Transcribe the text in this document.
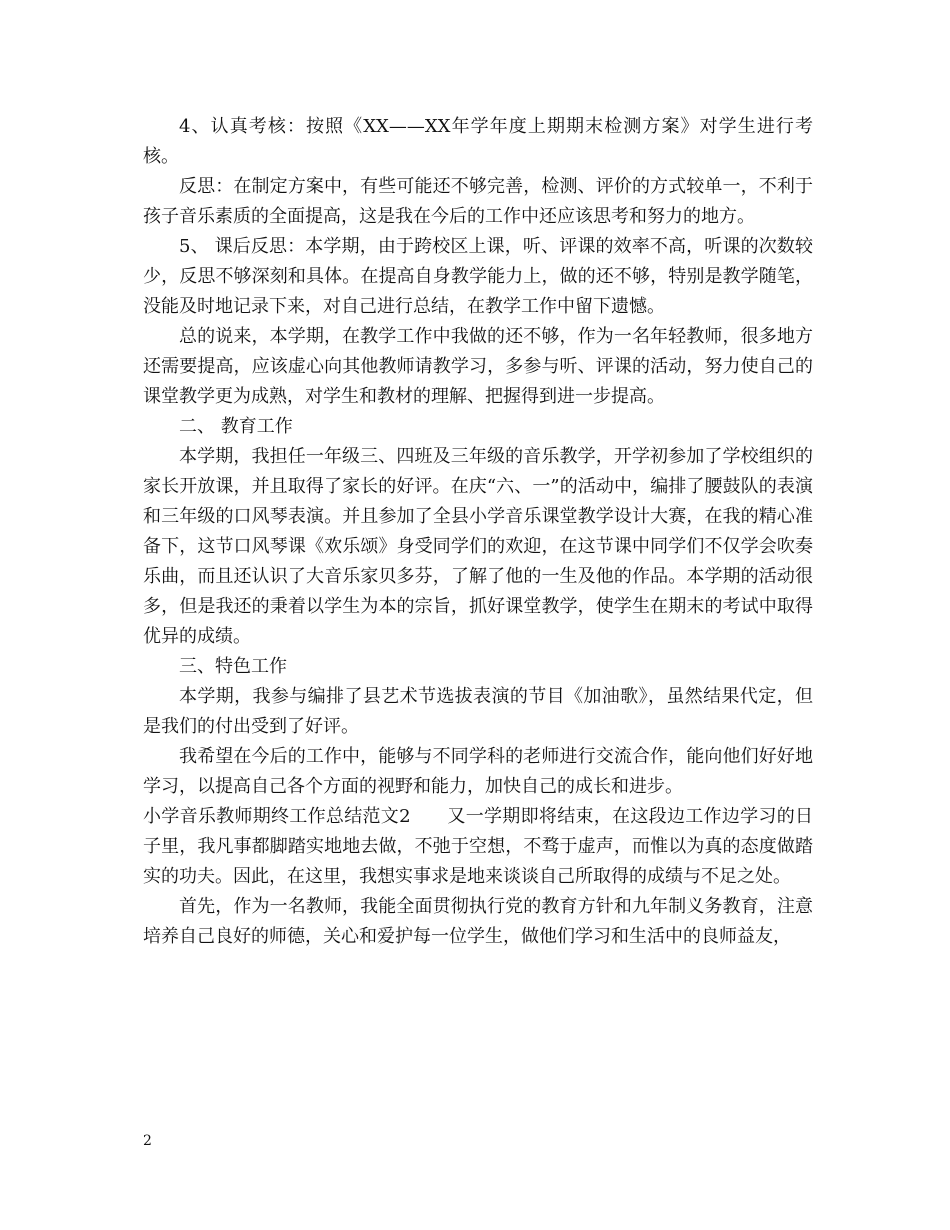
4、认真考核：按照《XX——XX年学年度上期期末检测方案》对学生进行考核。

反思：在制定方案中，有些可能还不够完善，检测、评价的方式较单一，不利于孩子音乐素质的全面提高，这是我在今后的工作中还应该思考和努力的地方。

5、 课后反思：本学期，由于跨校区上课，听、评课的效率不高，听课的次数较少，反思不够深刻和具体。在提高自身教学能力上，做的还不够，特别是教学随笔，没能及时地记录下来，对自己进行总结，在教学工作中留下遗憾。

总的说来，本学期，在教学工作中我做的还不够，作为一名年轻教师，很多地方还需要提高，应该虚心向其他教师请教学习，多参与听、评课的活动，努力使自己的课堂教学更为成熟，对学生和教材的理解、把握得到进一步提高。

二、 教育工作

本学期，我担任一年级三、四班及三年级的音乐教学，开学初参加了学校组织的家长开放课，并且取得了家长的好评。在庆“六、一”的活动中，编排了腰鼓队的表演和三年级的口风琴表演。并且参加了全县小学音乐课堂教学设计大赛，在我的精心准备下，这节口风琴课《欢乐颂》身受同学们的欢迎，在这节课中同学们不仅学会吹奏乐曲，而且还认识了大音乐家贝多芬，了解了他的一生及他的作品。本学期的活动很多，但是我还的秉着以学生为本的宗旨，抓好课堂教学，使学生在期末的考试中取得优异的成绩。

三、特色工作

本学期，我参与编排了县艺术节选拔表演的节目《加油歌》，虽然结果代定，但是我们的付出受到了好评。

我希望在今后的工作中，能够与不同学科的老师进行交流合作，能向他们好好地学习，以提高自己各个方面的视野和能力，加快自己的成长和进步。

小学音乐教师期终工作总结范文2　　又一学期即将结束，在这段边工作边学习的日子里，我凡事都脚踏实地地去做，不弛于空想，不骛于虚声，而惟以为真的态度做踏实的功夫。因此，在这里，我想实事求是地来谈谈自己所取得的成绩与不足之处。

首先，作为一名教师，我能全面贯彻执行党的教育方针和九年制义务教育，注意培养自己良好的师德，关心和爱护每一位学生，做他们学习和生活中的良师益友，

2
